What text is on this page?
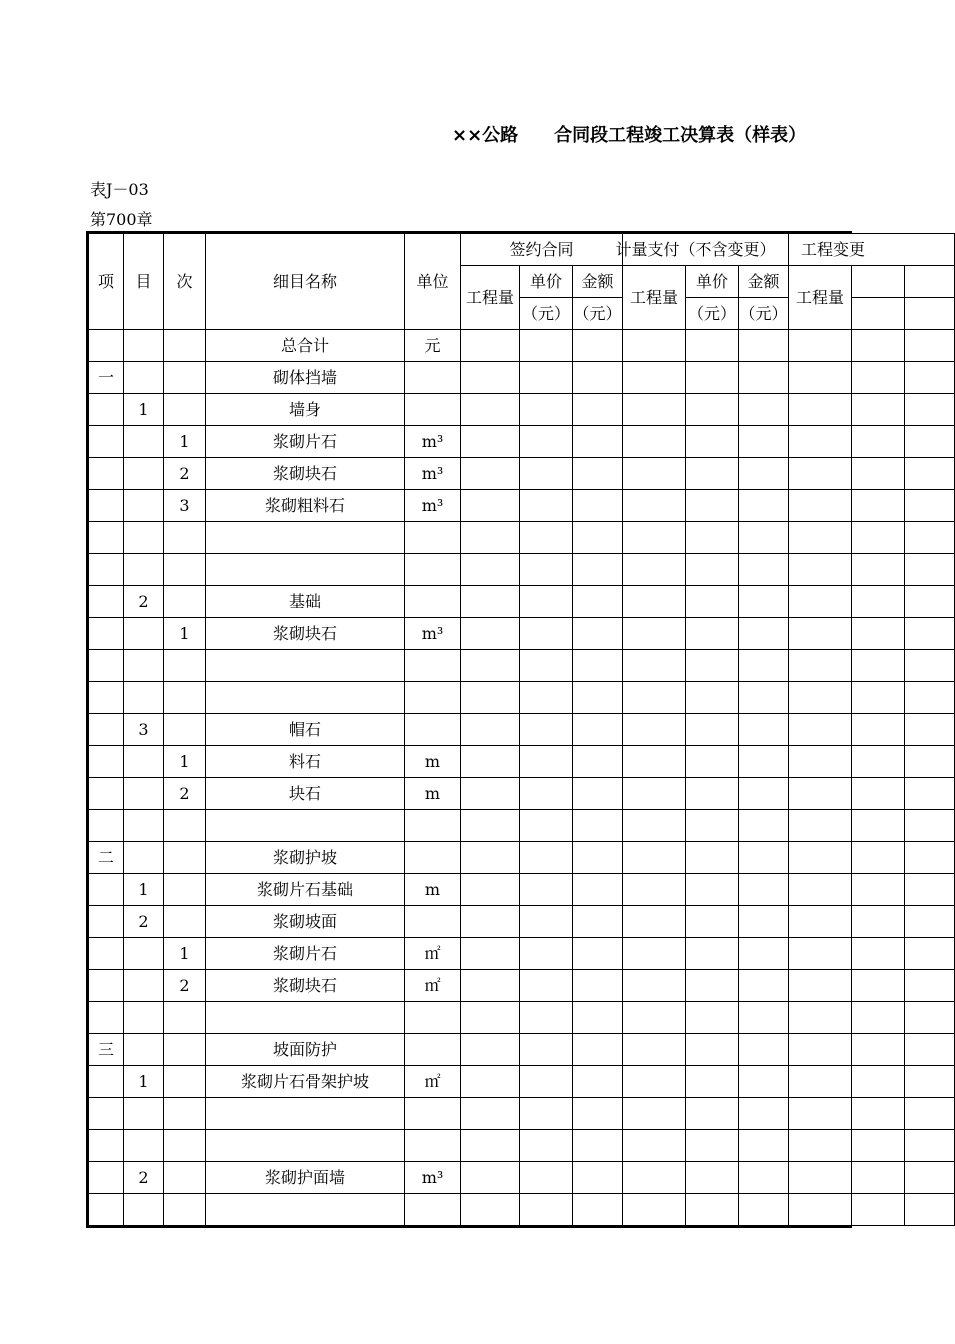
××公路　　合同段工程竣工决算表（样表）
表J－03
第700章
项	目	次	细目名称	单位	签约合同			计量支付（不含变更）			工程变更		
					工程量	单价	金额	工程量	单价	金额	工程量		
						（元）	（元）		（元）	（元）			
			总合计	元									
一			砌体挡墙										
	1		墙身										
		1	浆砌片石	m³									
		2	浆砌块石	m³									
		3	浆砌粗料石	m³									

	2		基础										
		1	浆砌块石	m³									

	3		帽石										
		1	料石	m									
		2	块石	m									

二			浆砌护坡										
	1		浆砌片石基础	m									
	2		浆砌坡面										
		1	浆砌片石	㎡									
		2	浆砌块石	㎡									

三			坡面防护										
	1		浆砌片石骨架护坡	㎡									

	2		浆砌护面墙	m³									
